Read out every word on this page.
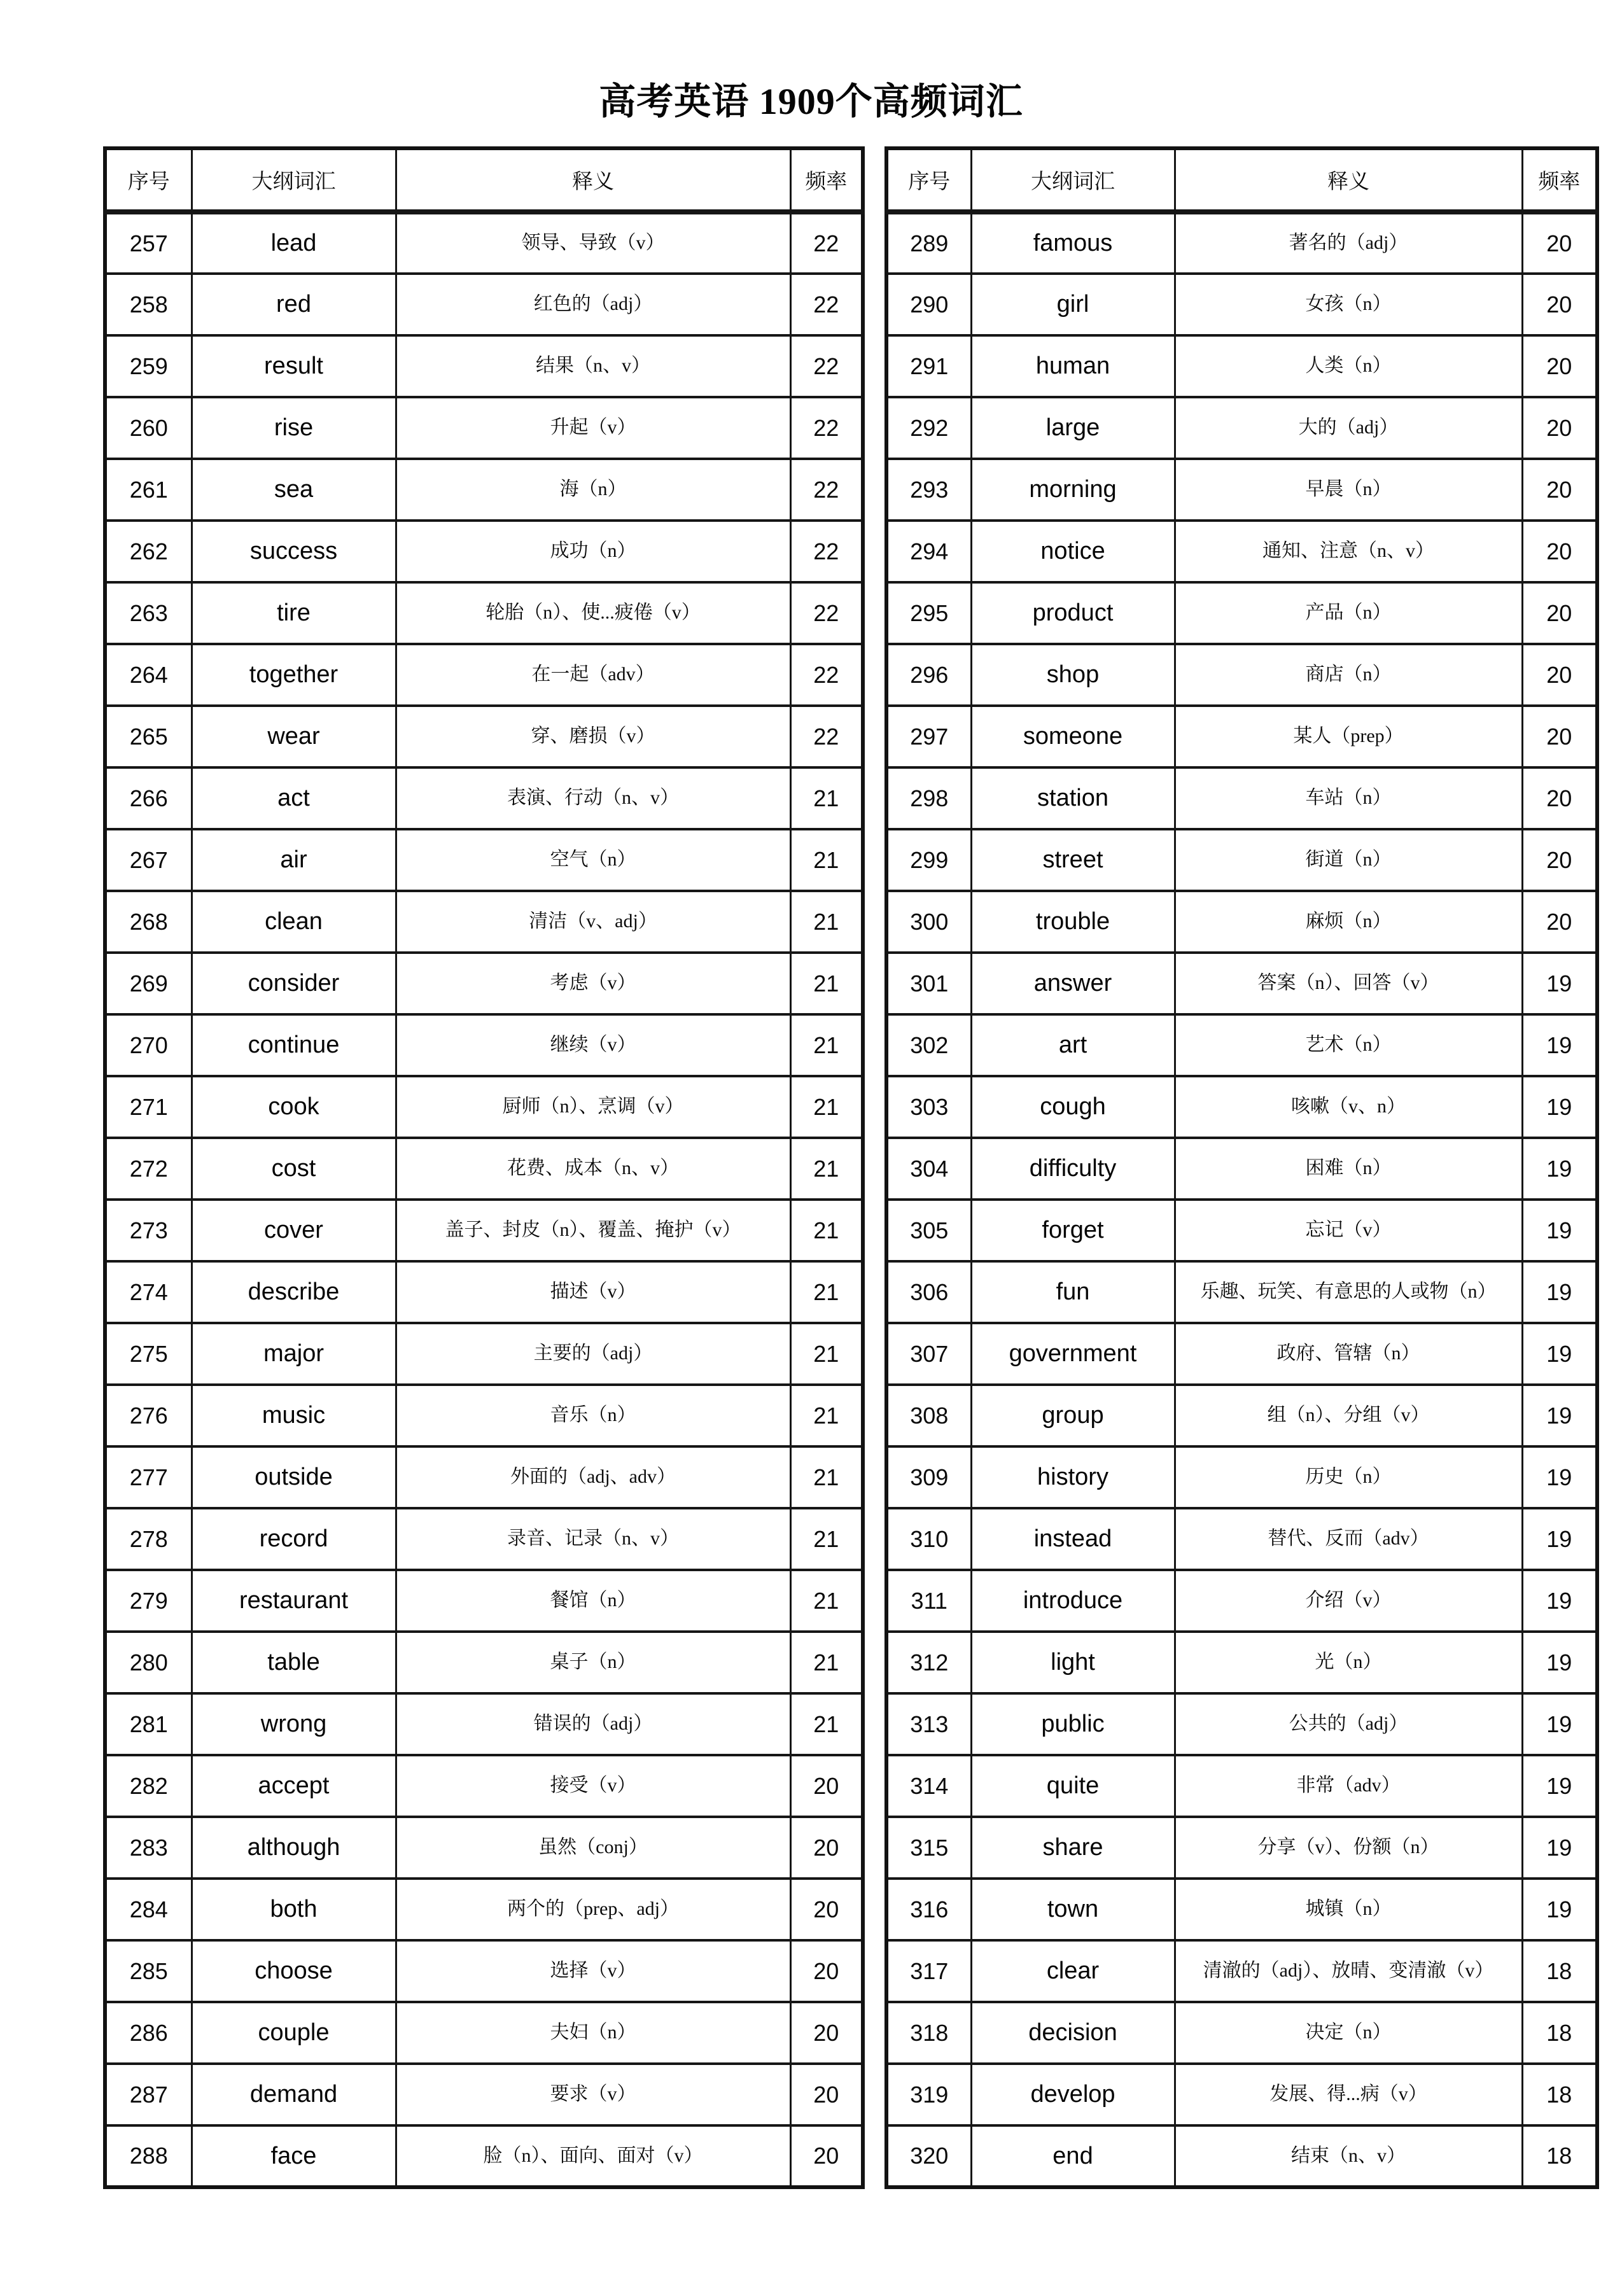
高考英语 1909个高频词汇
序号	大纲词汇	释义	频率
257	lead	领导、导致（v）	22
258	red	红色的（adj）	22
259	result	结果（n、v）	22
260	rise	升起（v）	22
261	sea	海（n）	22
262	success	成功（n）	22
263	tire	轮胎（n）、使...疲倦（v）	22
264	together	在一起（adv）	22
265	wear	穿、磨损（v）	22
266	act	表演、行动（n、v）	21
267	air	空气（n）	21
268	clean	清洁（v、adj）	21
269	consider	考虑（v）	21
270	continue	继续（v）	21
271	cook	厨师（n）、烹调（v）	21
272	cost	花费、成本（n、v）	21
273	cover	盖子、封皮（n）、覆盖、掩护（v）	21
274	describe	描述（v）	21
275	major	主要的（adj）	21
276	music	音乐（n）	21
277	outside	外面的（adj、adv）	21
278	record	录音、记录（n、v）	21
279	restaurant	餐馆（n）	21
280	table	桌子（n）	21
281	wrong	错误的（adj）	21
282	accept	接受（v）	20
283	although	虽然（conj）	20
284	both	两个的（prep、adj）	20
285	choose	选择（v）	20
286	couple	夫妇（n）	20
287	demand	要求（v）	20
288	face	脸（n）、面向、面对（v）	20
序号	大纲词汇	释义	频率
289	famous	著名的（adj）	20
290	girl	女孩（n）	20
291	human	人类（n）	20
292	large	大的（adj）	20
293	morning	早晨（n）	20
294	notice	通知、注意（n、v）	20
295	product	产品（n）	20
296	shop	商店（n）	20
297	someone	某人（prep）	20
298	station	车站（n）	20
299	street	街道（n）	20
300	trouble	麻烦（n）	20
301	answer	答案（n）、回答（v）	19
302	art	艺术（n）	19
303	cough	咳嗽（v、n）	19
304	difficulty	困难（n）	19
305	forget	忘记（v）	19
306	fun	乐趣、玩笑、有意思的人或物（n）	19
307	government	政府、管辖（n）	19
308	group	组（n）、分组（v）	19
309	history	历史（n）	19
310	instead	替代、反而（adv）	19
311	introduce	介绍（v）	19
312	light	光（n）	19
313	public	公共的（adj）	19
314	quite	非常（adv）	19
315	share	分享（v）、份额（n）	19
316	town	城镇（n）	19
317	clear	清澈的（adj）、放晴、变清澈（v）	18
318	decision	决定（n）	18
319	develop	发展、得...病（v）	18
320	end	结束（n、v）	18
